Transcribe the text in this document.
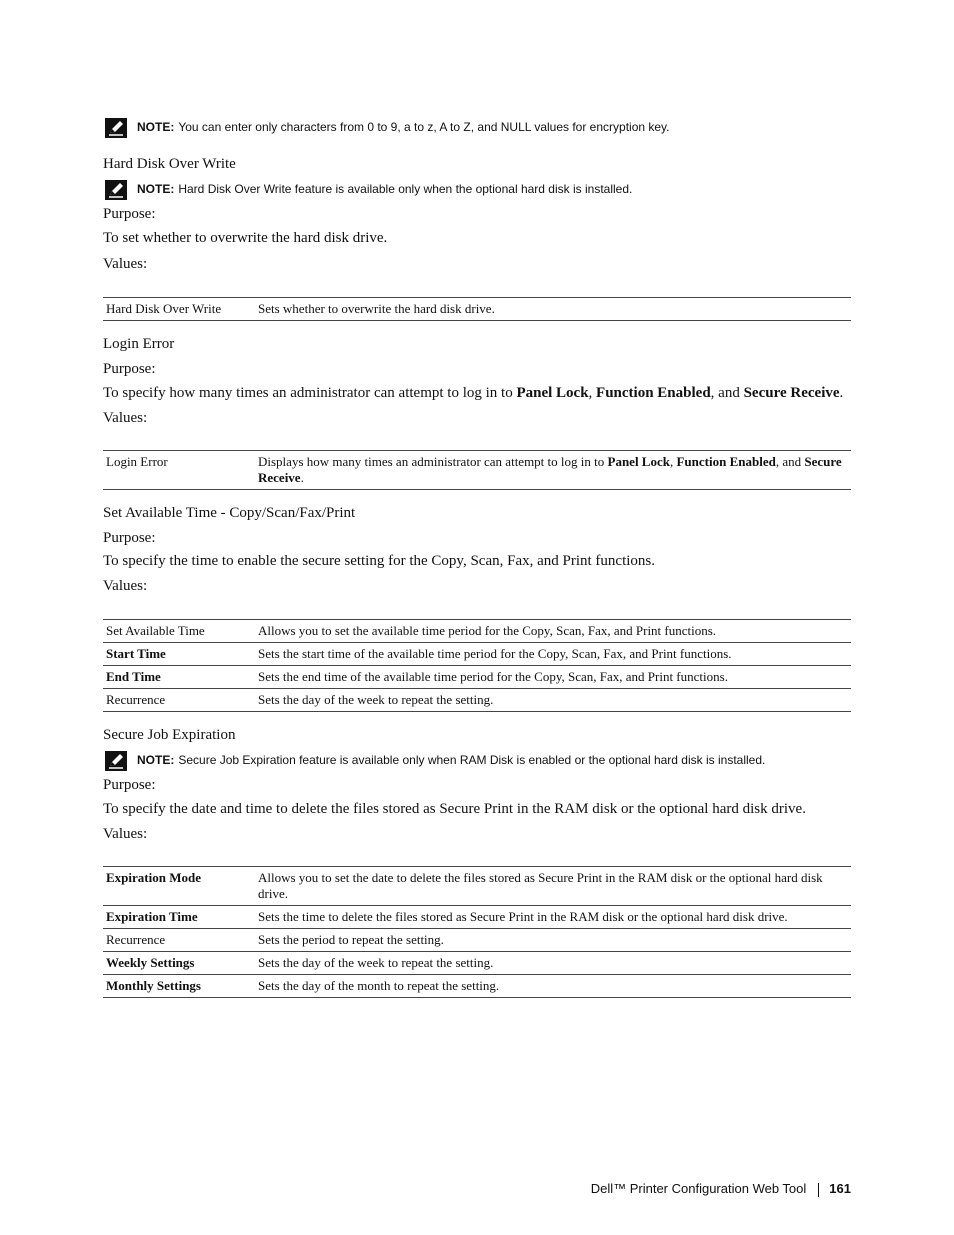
NOTE: You can enter only characters from 0 to 9, a to z, A to Z, and NULL values for encryption key.
Hard Disk Over Write
NOTE: Hard Disk Over Write feature is available only when the optional hard disk is installed.
Purpose:
To set whether to overwrite the hard disk drive.
Values:
Hard Disk Over Write	Sets whether to overwrite the hard disk drive.
Login Error
Purpose:
To specify how many times an administrator can attempt to log in to Panel Lock, Function Enabled, and Secure Receive.
Values:
Login Error	Displays how many times an administrator can attempt to log in to Panel Lock, Function Enabled, and Secure Receive.
Set Available Time - Copy/Scan/Fax/Print
Purpose:
To specify the time to enable the secure setting for the Copy, Scan, Fax, and Print functions.
Values:
Set Available Time	Allows you to set the available time period for the Copy, Scan, Fax, and Print functions.
Start Time	Sets the start time of the available time period for the Copy, Scan, Fax, and Print functions.
End Time	Sets the end time of the available time period for the Copy, Scan, Fax, and Print functions.
Recurrence	Sets the day of the week to repeat the setting.
Secure Job Expiration
NOTE: Secure Job Expiration feature is available only when RAM Disk is enabled or the optional hard disk is installed.
Purpose:
To specify the date and time to delete the files stored as Secure Print in the RAM disk or the optional hard disk drive.
Values:
Expiration Mode	Allows you to set the date to delete the files stored as Secure Print in the RAM disk or the optional hard disk drive.
Expiration Time	Sets the time to delete the files stored as Secure Print in the RAM disk or the optional hard disk drive.
Recurrence	Sets the period to repeat the setting.
Weekly Settings	Sets the day of the week to repeat the setting.
Monthly Settings	Sets the day of the month to repeat the setting.
Dell™ Printer Configuration Web Tool 161
